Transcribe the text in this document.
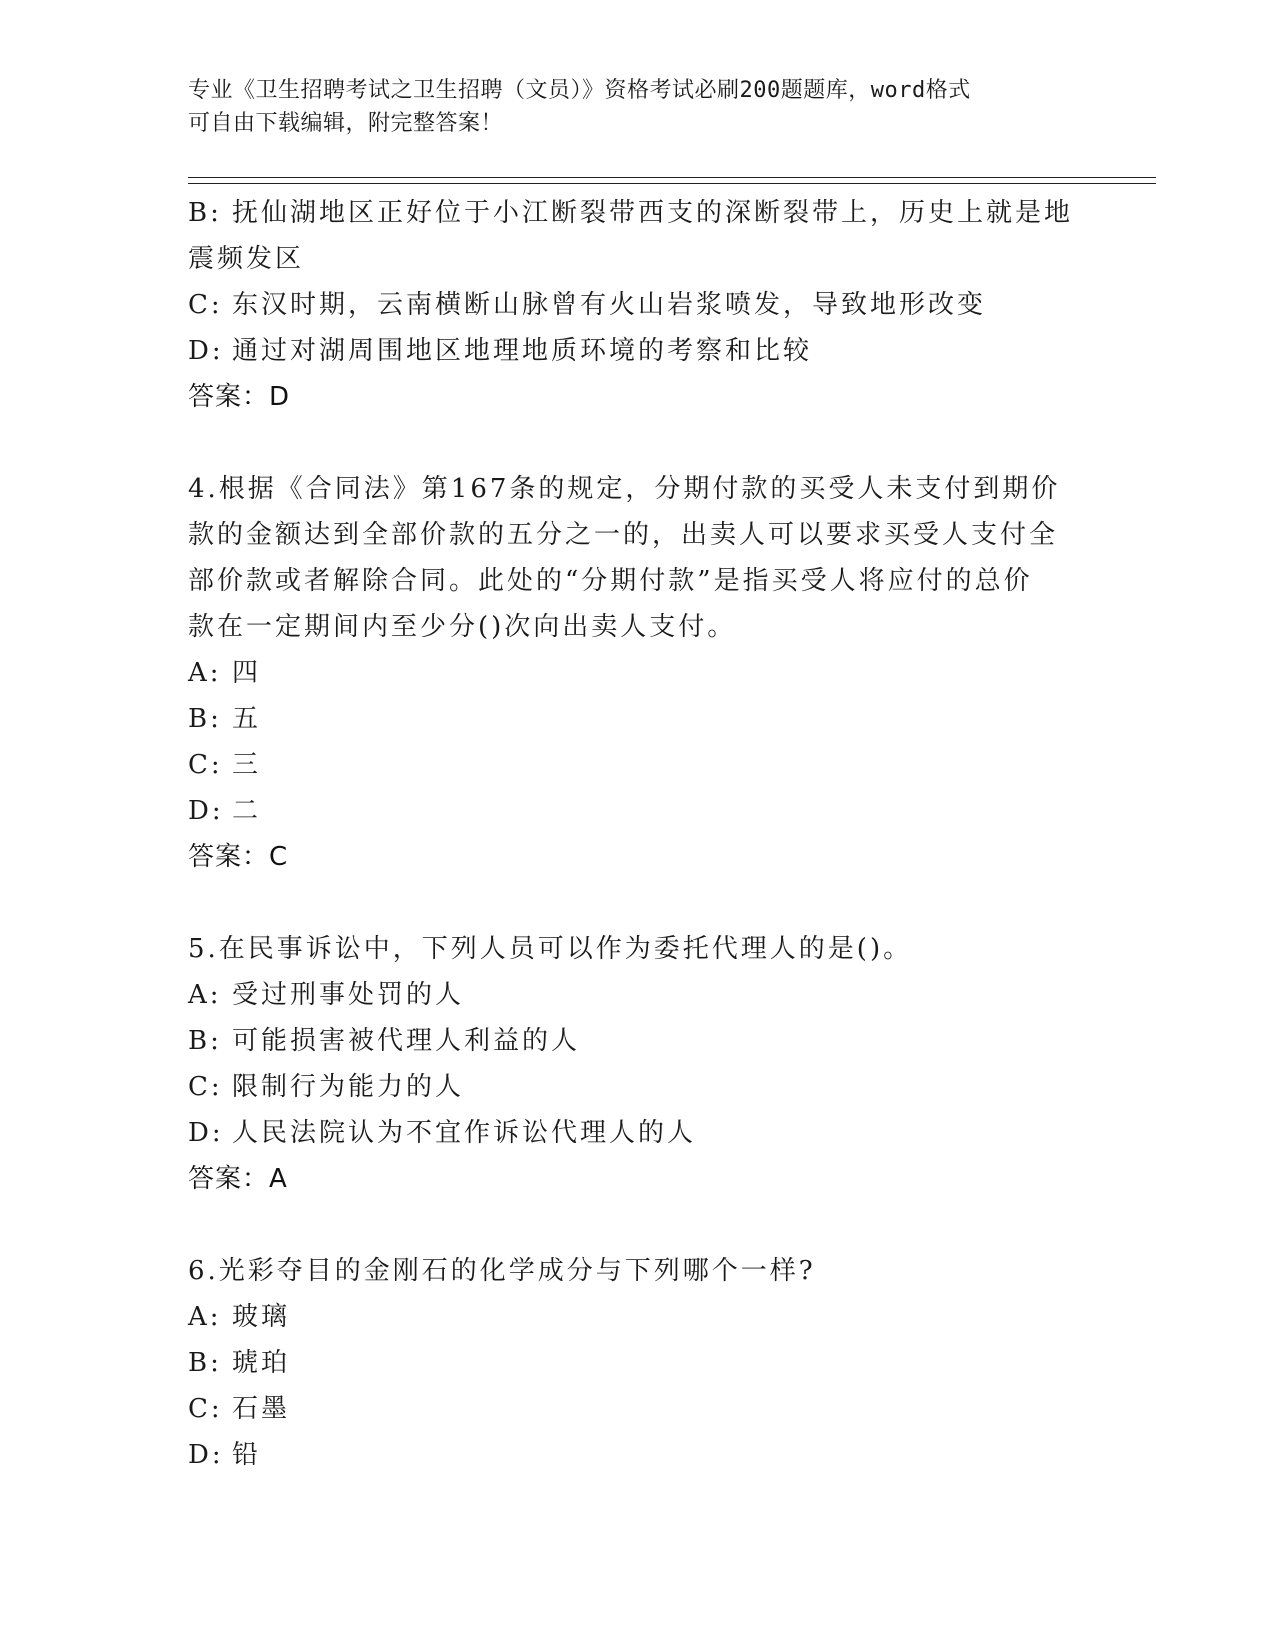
专业《卫生招聘考试之卫生招聘（文员）》资格考试必刷200题题库，word格式
可自由下载编辑，附完整答案！
B: 抚仙湖地区正好位于小江断裂带西支的深断裂带上，历史上就是地
震频发区
C: 东汉时期，云南横断山脉曾有火山岩浆喷发，导致地形改变
D: 通过对湖周围地区地理地质环境的考察和比较
答案：D
4.根据《合同法》第167条的规定，分期付款的买受人未支付到期价
款的金额达到全部价款的五分之一的，出卖人可以要求买受人支付全
部价款或者解除合同。此处的“分期付款”是指买受人将应付的总价
款在一定期间内至少分()次向出卖人支付。
A: 四
B: 五
C: 三
D: 二
答案：C
5.在民事诉讼中，下列人员可以作为委托代理人的是()。
A: 受过刑事处罚的人
B: 可能损害被代理人利益的人
C: 限制行为能力的人
D: 人民法院认为不宜作诉讼代理人的人
答案：A
6.光彩夺目的金刚石的化学成分与下列哪个一样?
A: 玻璃
B: 琥珀
C: 石墨
D: 铅
